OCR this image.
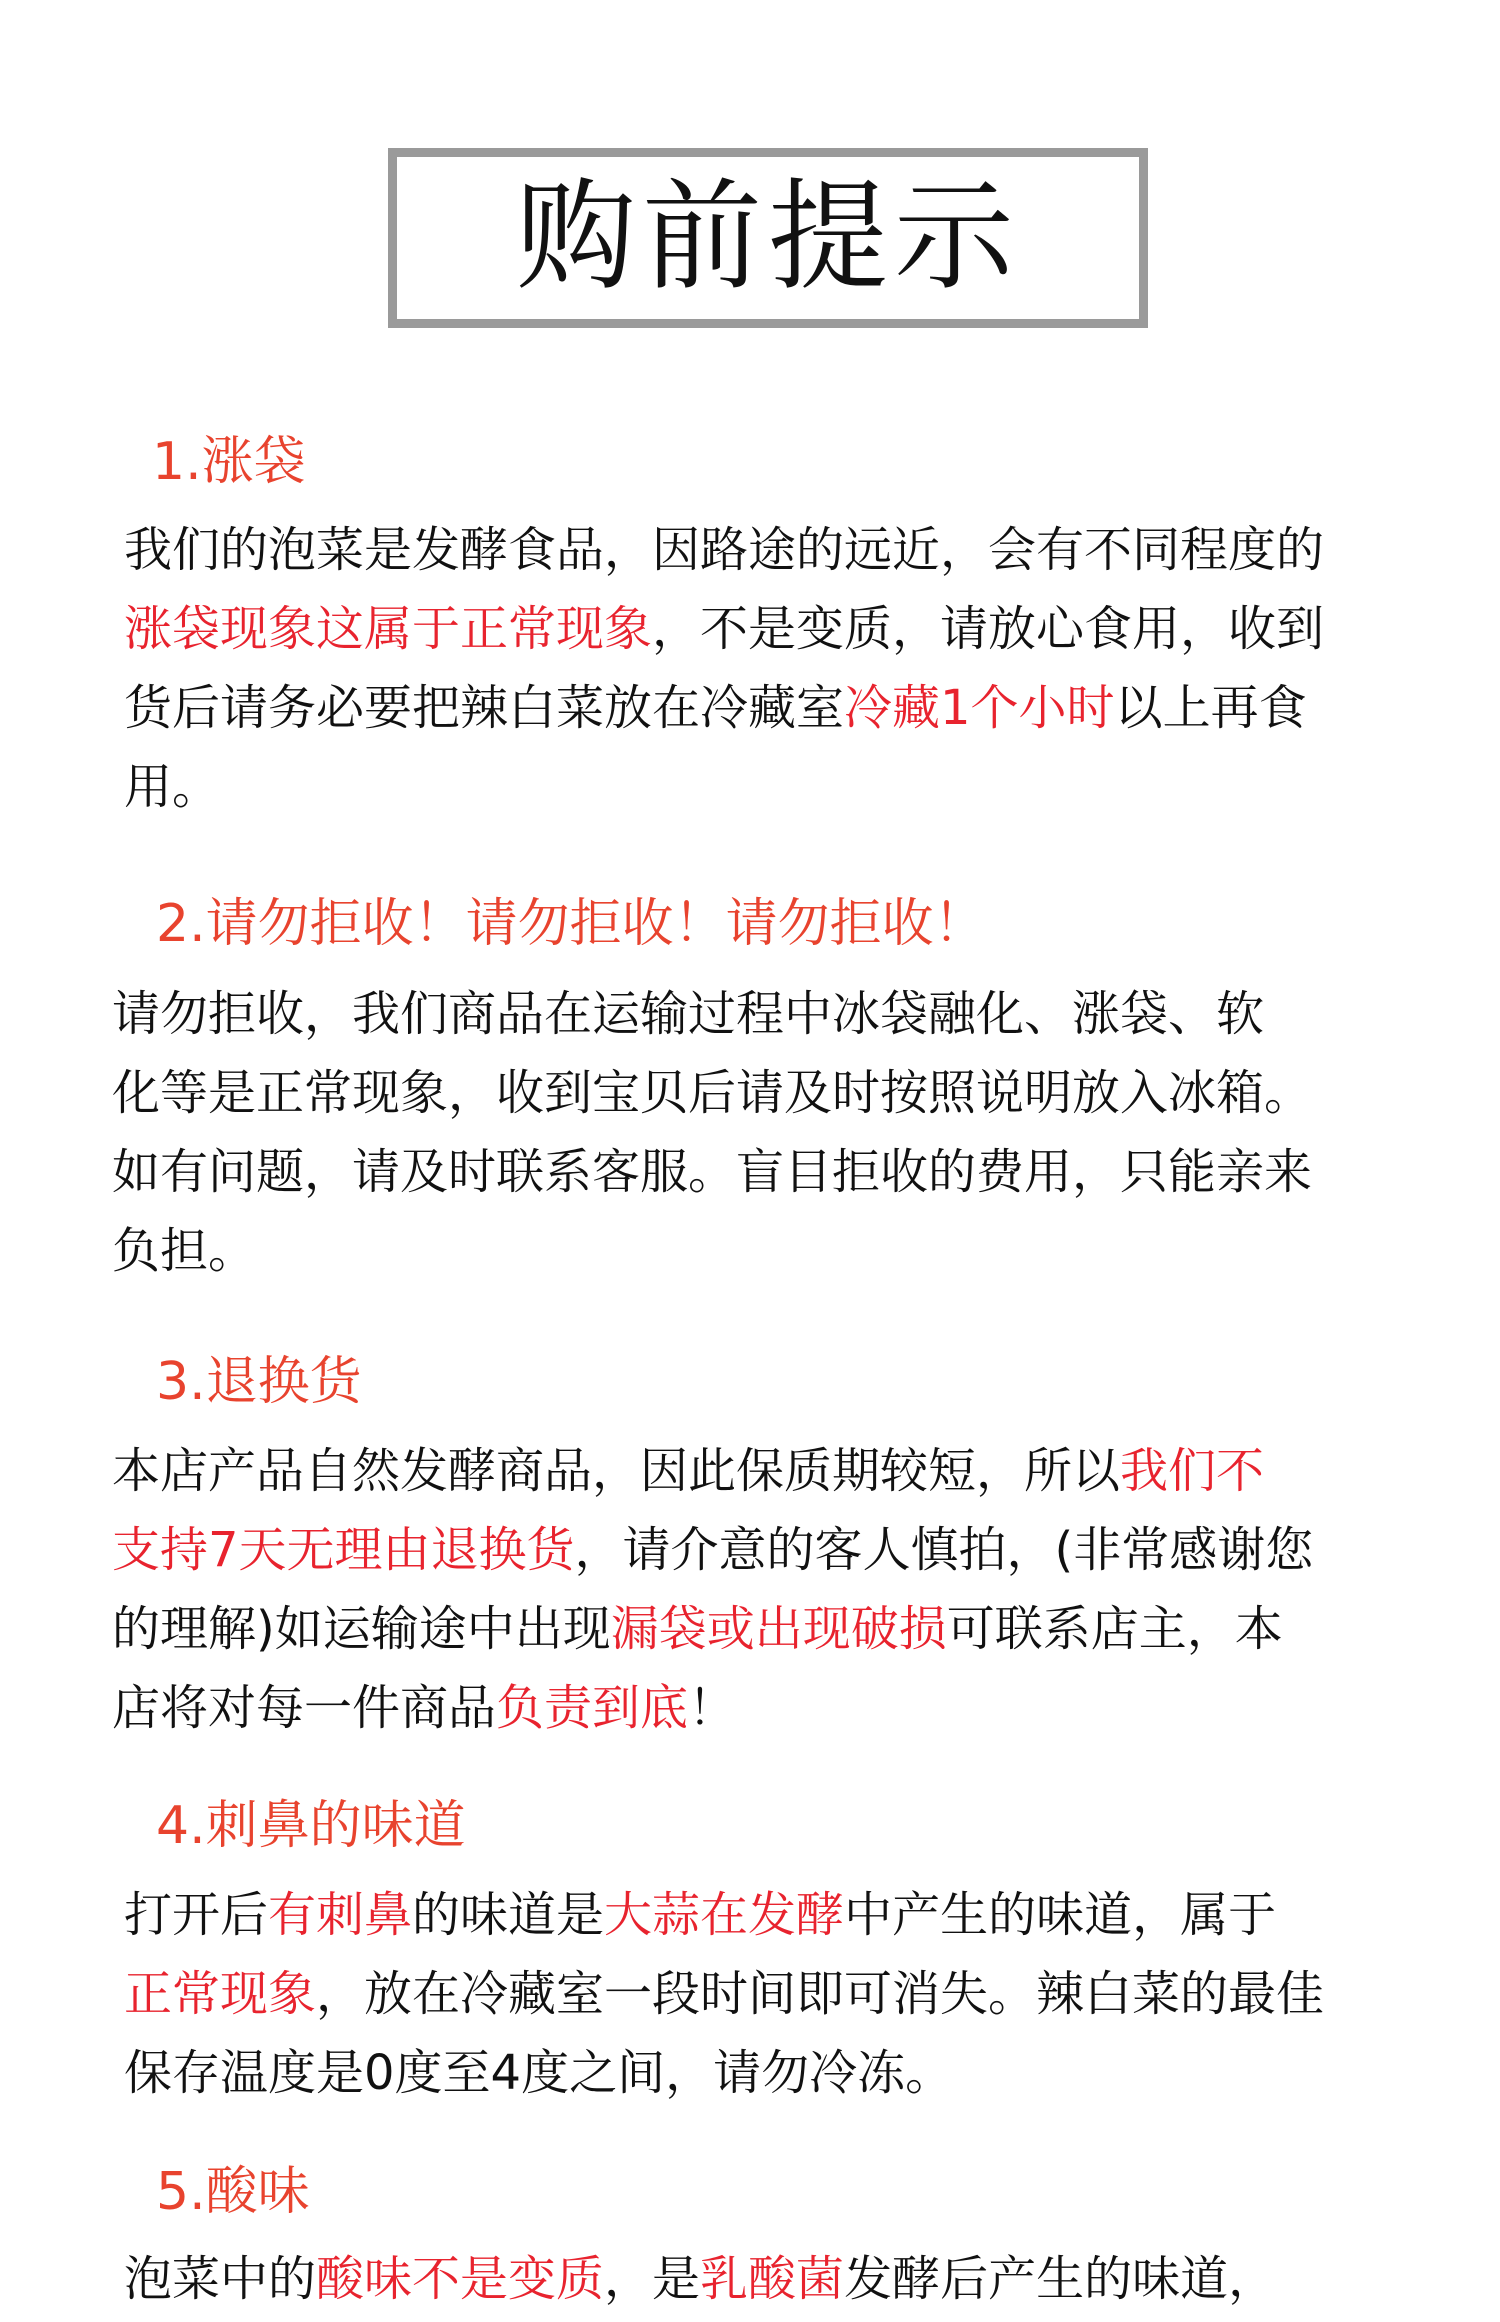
购前提示
1.涨袋
我们的泡菜是发酵食品，因路途的远近，会有不同程度的
涨袋现象这属于正常现象，不是变质，请放心食用，收到
货后请务必要把辣白菜放在冷藏室冷藏1个小时以上再食
用。
2.请勿拒收！请勿拒收！请勿拒收！
请勿拒收，我们商品在运输过程中冰袋融化、涨袋、软
化等是正常现象，收到宝贝后请及时按照说明放入冰箱。
如有问题，请及时联系客服。盲目拒收的费用，只能亲来
负担。
3.退换货
本店产品自然发酵商品，因此保质期较短，所以我们不
支持7天无理由退换货，请介意的客人慎拍，(非常感谢您
的理解)如运输途中出现漏袋或出现破损可联系店主，本
店将对每一件商品负责到底！
4.刺鼻的味道
打开后有刺鼻的味道是大蒜在发酵中产生的味道，属于
正常现象，放在冷藏室一段时间即可消失。辣白菜的最佳
保存温度是0度至4度之间，请勿冷冻。
5.酸味
泡菜中的酸味不是变质，是乳酸菌发酵后产生的味道，
